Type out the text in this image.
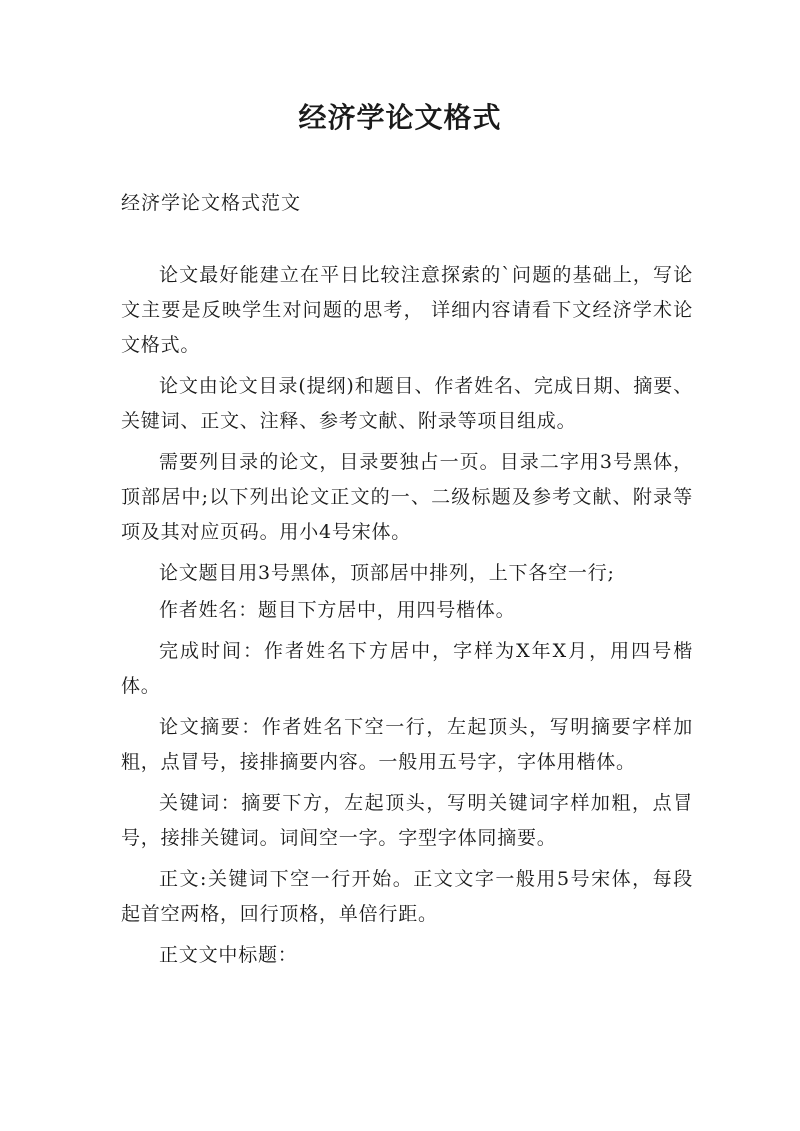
经济学论文格式

经济学论文格式范文

论文最好能建立在平日比较注意探索的`问题的基础上，写论文主要是反映学生对问题的思考， 详细内容请看下文经济学术论文格式。

论文由论文目录(提纲)和题目、作者姓名、完成日期、摘要、关键词、正文、注释、参考文献、附录等项目组成。

需要列目录的论文，目录要独占一页。目录二字用3号黑体，顶部居中;以下列出论文正文的一、二级标题及参考文献、附录等项及其对应页码。用小4号宋体。

论文题目用3号黑体，顶部居中排列，上下各空一行;

作者姓名：题目下方居中，用四号楷体。

完成时间：作者姓名下方居中，字样为X年X月，用四号楷体。

论文摘要：作者姓名下空一行，左起顶头，写明摘要字样加粗，点冒号，接排摘要内容。一般用五号字，字体用楷体。

关键词：摘要下方，左起顶头，写明关键词字样加粗，点冒号，接排关键词。词间空一字。字型字体同摘要。

正文:关键词下空一行开始。正文文字一般用5号宋体，每段起首空两格，回行顶格，单倍行距。

正文文中标题：
